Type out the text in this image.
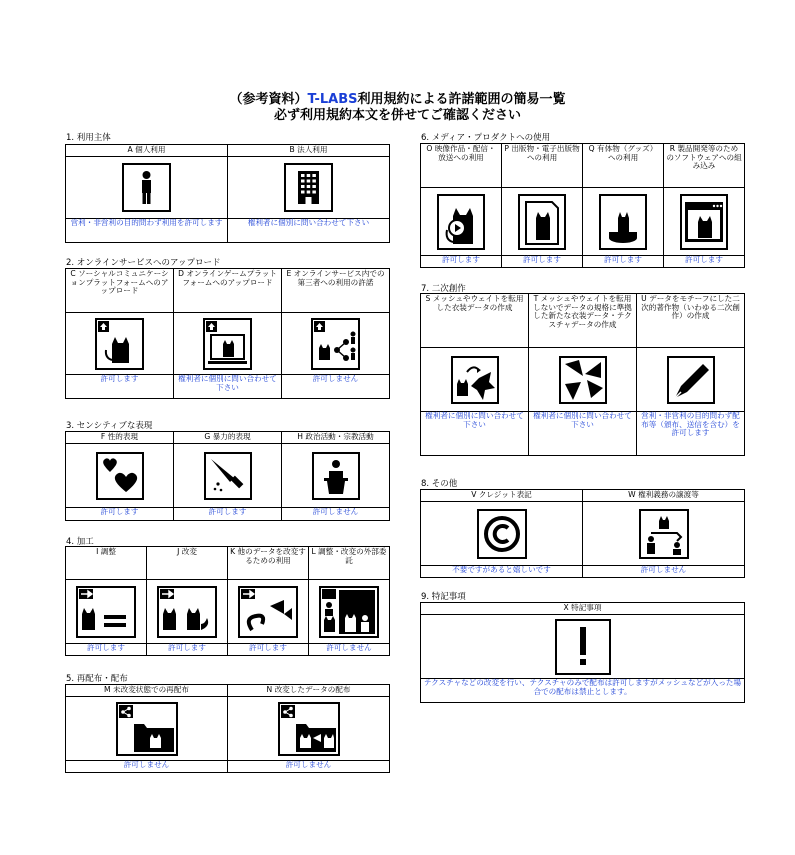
（参考資料）T-LABS利用規約による許諾範囲の簡易一覧
必ず利用規約本文を併せてご確認ください
1. 利用主体
A 個人利用	B 法人利用

営利・非営利の目的問わず利用を許可します	権利者に個別に問い合わせて下さい
2. オンラインサービスへのアップロード
C ソーシャルコミュニケーションプラットフォームへのアップロード	D オンラインゲームプラットフォームへのアップロード	E オンラインサービス内での第三者への利用の許諾

許可します	権利者に個別に問い合わせて下さい	許可しません
3. センシティブな表現
F 性的表現	G 暴力的表現	H 政治活動・宗教活動

許可します	許可します	許可しません
4. 加工
I 調整	J 改変	K 他のデータを改変するための利用	L 調整・改変の外部委託

許可します	許可します	許可します	許可しません
5. 再配布・配布
M 未改変状態での再配布	N 改変したデータの配布

許可しません	許可しません
6. メディア・プロダクトへの使用
O 映像作品・配信・放送への利用	P 出版物・電子出版物への利用	Q 有体物（グッズ）への利用	R 製品開発等のためのソフトウェアへの組み込み

許可します	許可します	許可します	許可します
7. 二次創作
S メッシュやウェイトを転用した衣装データの作成	T メッシュやウェイトを転用しないでデータの規格に準拠した新たな衣装データ・テクスチャデータの作成	U データをモチーフにした二次的著作物（いわゆる二次創作）の作成

権利者に個別に問い合わせて下さい	権利者に個別に問い合わせて下さい	営利・非営利の目的問わず配布等（頒布、送信を含む）を許可します
8. その他
V クレジット表記	W 権利義務の譲渡等

不要ですがあると嬉しいです	許可しません
9. 特記事項
X 特記事項

テクスチャなどの改変を行い、テクスチャのみで配布は許可しますがメッシュなどが入った場合での配布は禁止とします。
